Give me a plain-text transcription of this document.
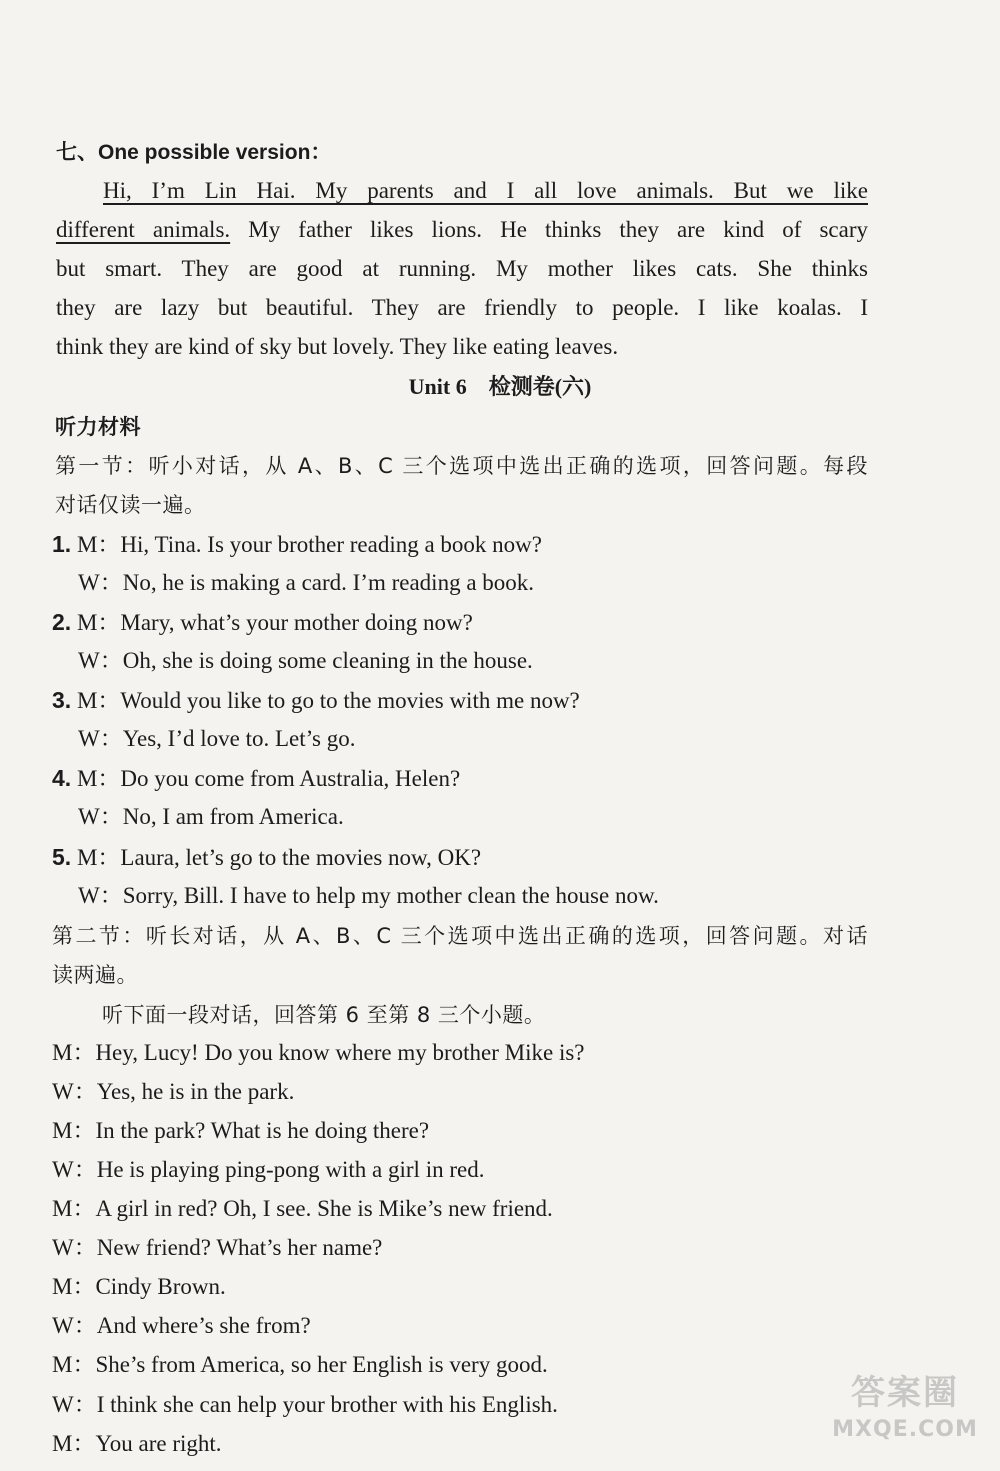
七、One possible version：
Hi, I’m Lin Hai. My parents and I all love animals. But we like
different animals. My father likes lions. He thinks they are kind of scary
but smart. They are good at running. My mother likes cats. She thinks
they are lazy but beautiful. They are friendly to people. I like koalas. I
think they are kind of sky but lovely. They like eating leaves.
Unit 6　检测卷(六)
听力材料
第一节：听小对话，从 A、B、C 三个选项中选出正确的选项，回答问题。每段
对话仅读一遍。
1. M：Hi, Tina. Is your brother reading a book now?
W：No, he is making a card. I’m reading a book.
2. M：Mary, what’s your mother doing now?
W：Oh, she is doing some cleaning in the house.
3. M：Would you like to go to the movies with me now?
W：Yes, I’d love to. Let’s go.
4. M：Do you come from Australia, Helen?
W：No, I am from America.
5. M：Laura, let’s go to the movies now, OK?
W：Sorry, Bill. I have to help my mother clean the house now.
第二节：听长对话，从 A、B、C 三个选项中选出正确的选项，回答问题。对话
读两遍。
听下面一段对话，回答第 6 至第 8 三个小题。
M：Hey, Lucy! Do you know where my brother Mike is?
W：Yes, he is in the park.
M：In the park? What is he doing there?
W：He is playing ping-pong with a girl in red.
M：A girl in red? Oh, I see. She is Mike’s new friend.
W：New friend? What’s her name?
M：Cindy Brown.
W：And where’s she from?
M：She’s from America, so her English is very good.
W：I think she can help your brother with his English.
M：You are right.
答案圈
MXQE.COM
